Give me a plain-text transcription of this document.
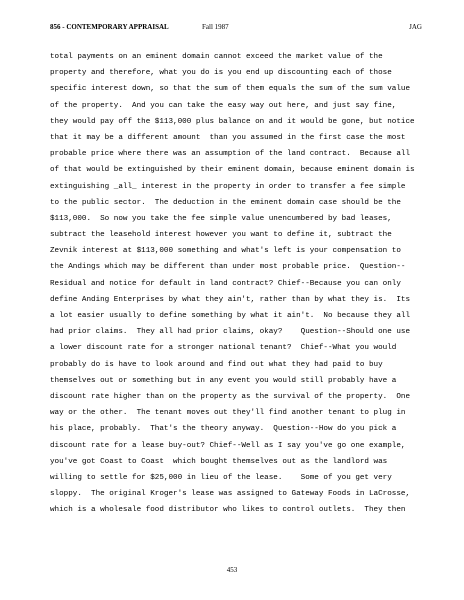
856 - CONTEMPORARY APPRAISAL	Fall 1987	JAG
total payments on an eminent domain cannot exceed the market value of the
property and therefore, what you do is you end up discounting each of those
specific interest down, so that the sum of them equals the sum of the sum value
of the property.  And you can take the easy way out here, and just say fine,
they would pay off the $113,000 plus balance on and it would be gone, but notice
that it may be a different amount  than you assumed in the first case the most
probable price where there was an assumption of the land contract.  Because all
of that would be extinguished by their eminent domain, because eminent domain is
extinguishing _all_ interest in the property in order to transfer a fee simple
to the public sector.  The deduction in the eminent domain case should be the
$113,000.  So now you take the fee simple value unencumbered by bad leases,
subtract the leasehold interest however you want to define it, subtract the
Zevnik interest at $113,000 something and what's left is your compensation to
the Andings which may be different than under most probable price.  Question--
Residual and notice for default in land contract? Chief--Because you can only
define Anding Enterprises by what they ain't, rather than by what they is.  Its
a lot easier usually to define something by what it ain't.  No because they all
had prior claims.  They all had prior claims, okay?    Question--Should one use
a lower discount rate for a stronger national tenant?  Chief--What you would
probably do is have to look around and find out what they had paid to buy
themselves out or something but in any event you would still probably have a
discount rate higher than on the property as the survival of the property.  One
way or the other.  The tenant moves out they'll find another tenant to plug in
his place, probably.  That's the theory anyway.  Question--How do you pick a
discount rate for a lease buy-out? Chief--Well as I say you've go one example,
you've got Coast to Coast  which bought themselves out as the landlord was
willing to settle for $25,000 in lieu of the lease.    Some of you get very
sloppy.  The original Kroger's lease was assigned to Gateway Foods in LaCrosse,
which is a wholesale food distributor who likes to control outlets.  They then
453
